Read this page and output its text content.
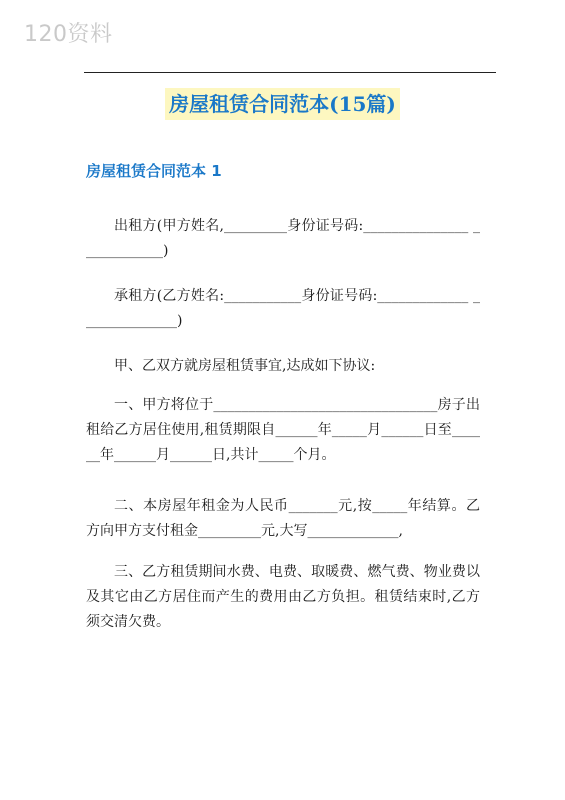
120资料
房屋租赁合同范本(15篇)
房屋租赁合同范本 1

出租方(甲方姓名,_________身份证号码:_______________ ____________)

承租方(乙方姓名:___________身份证号码:_____________ ______________)

甲、乙双方就房屋租赁事宜,达成如下协议:

一、甲方将位于________________________________房子出租给乙方居住使用,租赁期限自______年_____月______日至______年______月______日,共计_____个月。

二、本房屋年租金为人民币_______元,按_____年结算。乙方向甲方支付租金_________元,大写_____________,

三、乙方租赁期间水费、电费、取暖费、燃气费、物业费以及其它由乙方居住而产生的费用由乙方负担。租赁结束时,乙方须交清欠费。
